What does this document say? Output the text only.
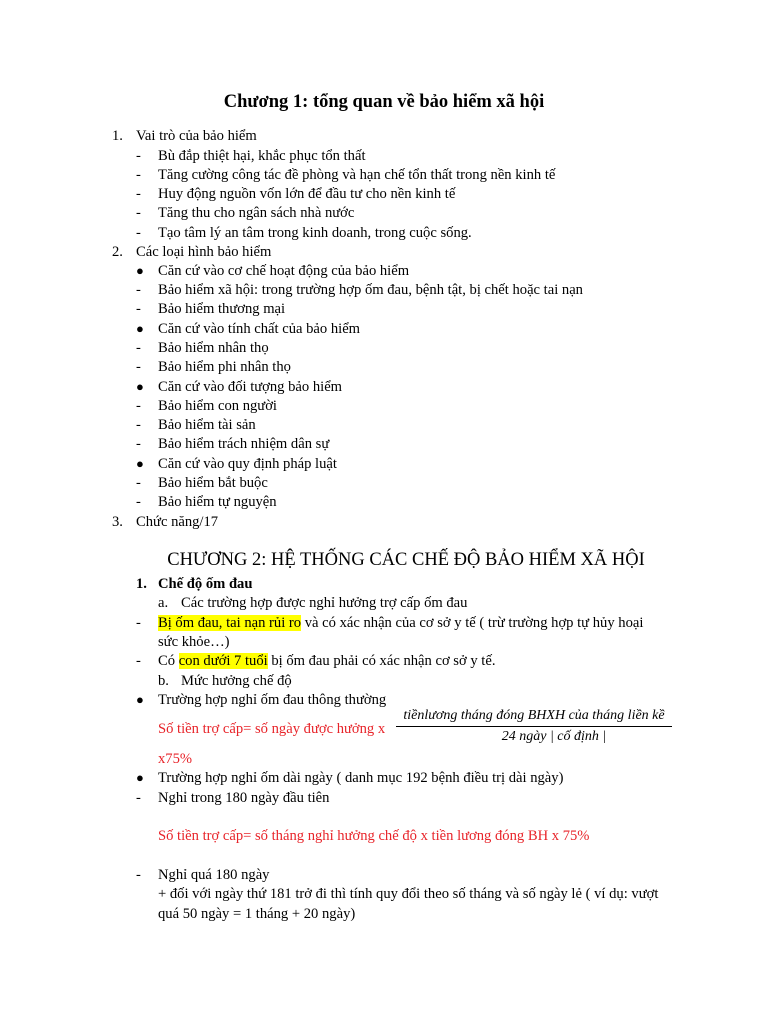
Chương 1: tổng quan về bảo hiểm xã hội
1. Vai trò của bảo hiểm
- Bù đắp thiệt hại, khắc phục tổn thất
- Tăng cường công tác đề phòng và hạn chế tổn thất trong nền kinh tế
- Huy động nguồn vốn lớn để đầu tư cho nền kinh tế
- Tăng thu cho ngân sách nhà nước
- Tạo tâm lý an tâm trong kinh doanh, trong cuộc sống.
2. Các loại hình bảo hiểm
● Căn cứ vào cơ chế hoạt động của bảo hiểm
- Bảo hiểm xã hội: trong trường hợp ốm đau, bệnh tật, bị chết hoặc tai nạn
- Bảo hiểm thương mại
● Căn cứ vào tính chất của bảo hiểm
- Bảo hiểm nhân thọ
- Bảo hiểm phi nhân thọ
● Căn cứ vào đối tượng bảo hiểm
- Bảo hiểm con người
- Bảo hiểm tài sản
- Bảo hiểm trách nhiệm dân sự
● Căn cứ vào quy định pháp luật
- Bảo hiểm bắt buộc
- Bảo hiểm tự nguyện
3. Chức năng/17
CHƯƠNG 2: HỆ THỐNG CÁC CHẾ ĐỘ BẢO HIỂM XÃ HỘI
1. Chế độ ốm đau
a. Các trường hợp được nghỉ hưởng trợ cấp ốm đau
- Bị ốm đau, tai nạn rủi ro và có xác nhận của cơ sở y tế ( trừ trường hợp tự hủy hoại
sức khỏe…)
- Có con dưới 7 tuổi bị ốm đau phải có xác nhận cơ sở y tế.
b. Mức hưởng chế độ
● Trường hợp nghỉ ốm đau thông thường
Số tiền trợ cấp= số ngày được hưởng x
tiềnlương tháng đóng BHXH của tháng liền kề
24 ngày | cố định |
x75%
● Trường hợp nghỉ ốm dài ngày ( danh mục 192 bệnh điều trị dài ngày)
- Nghỉ trong 180 ngày đầu tiên
Số tiền trợ cấp= số tháng nghỉ hưởng chế độ x tiền lương đóng BH x 75%
- Nghỉ quá 180 ngày
+ đối với ngày thứ 181 trở đi thì tính quy đổi theo số tháng và số ngày lẻ ( ví dụ: vượt
quá 50 ngày = 1 tháng + 20 ngày)
